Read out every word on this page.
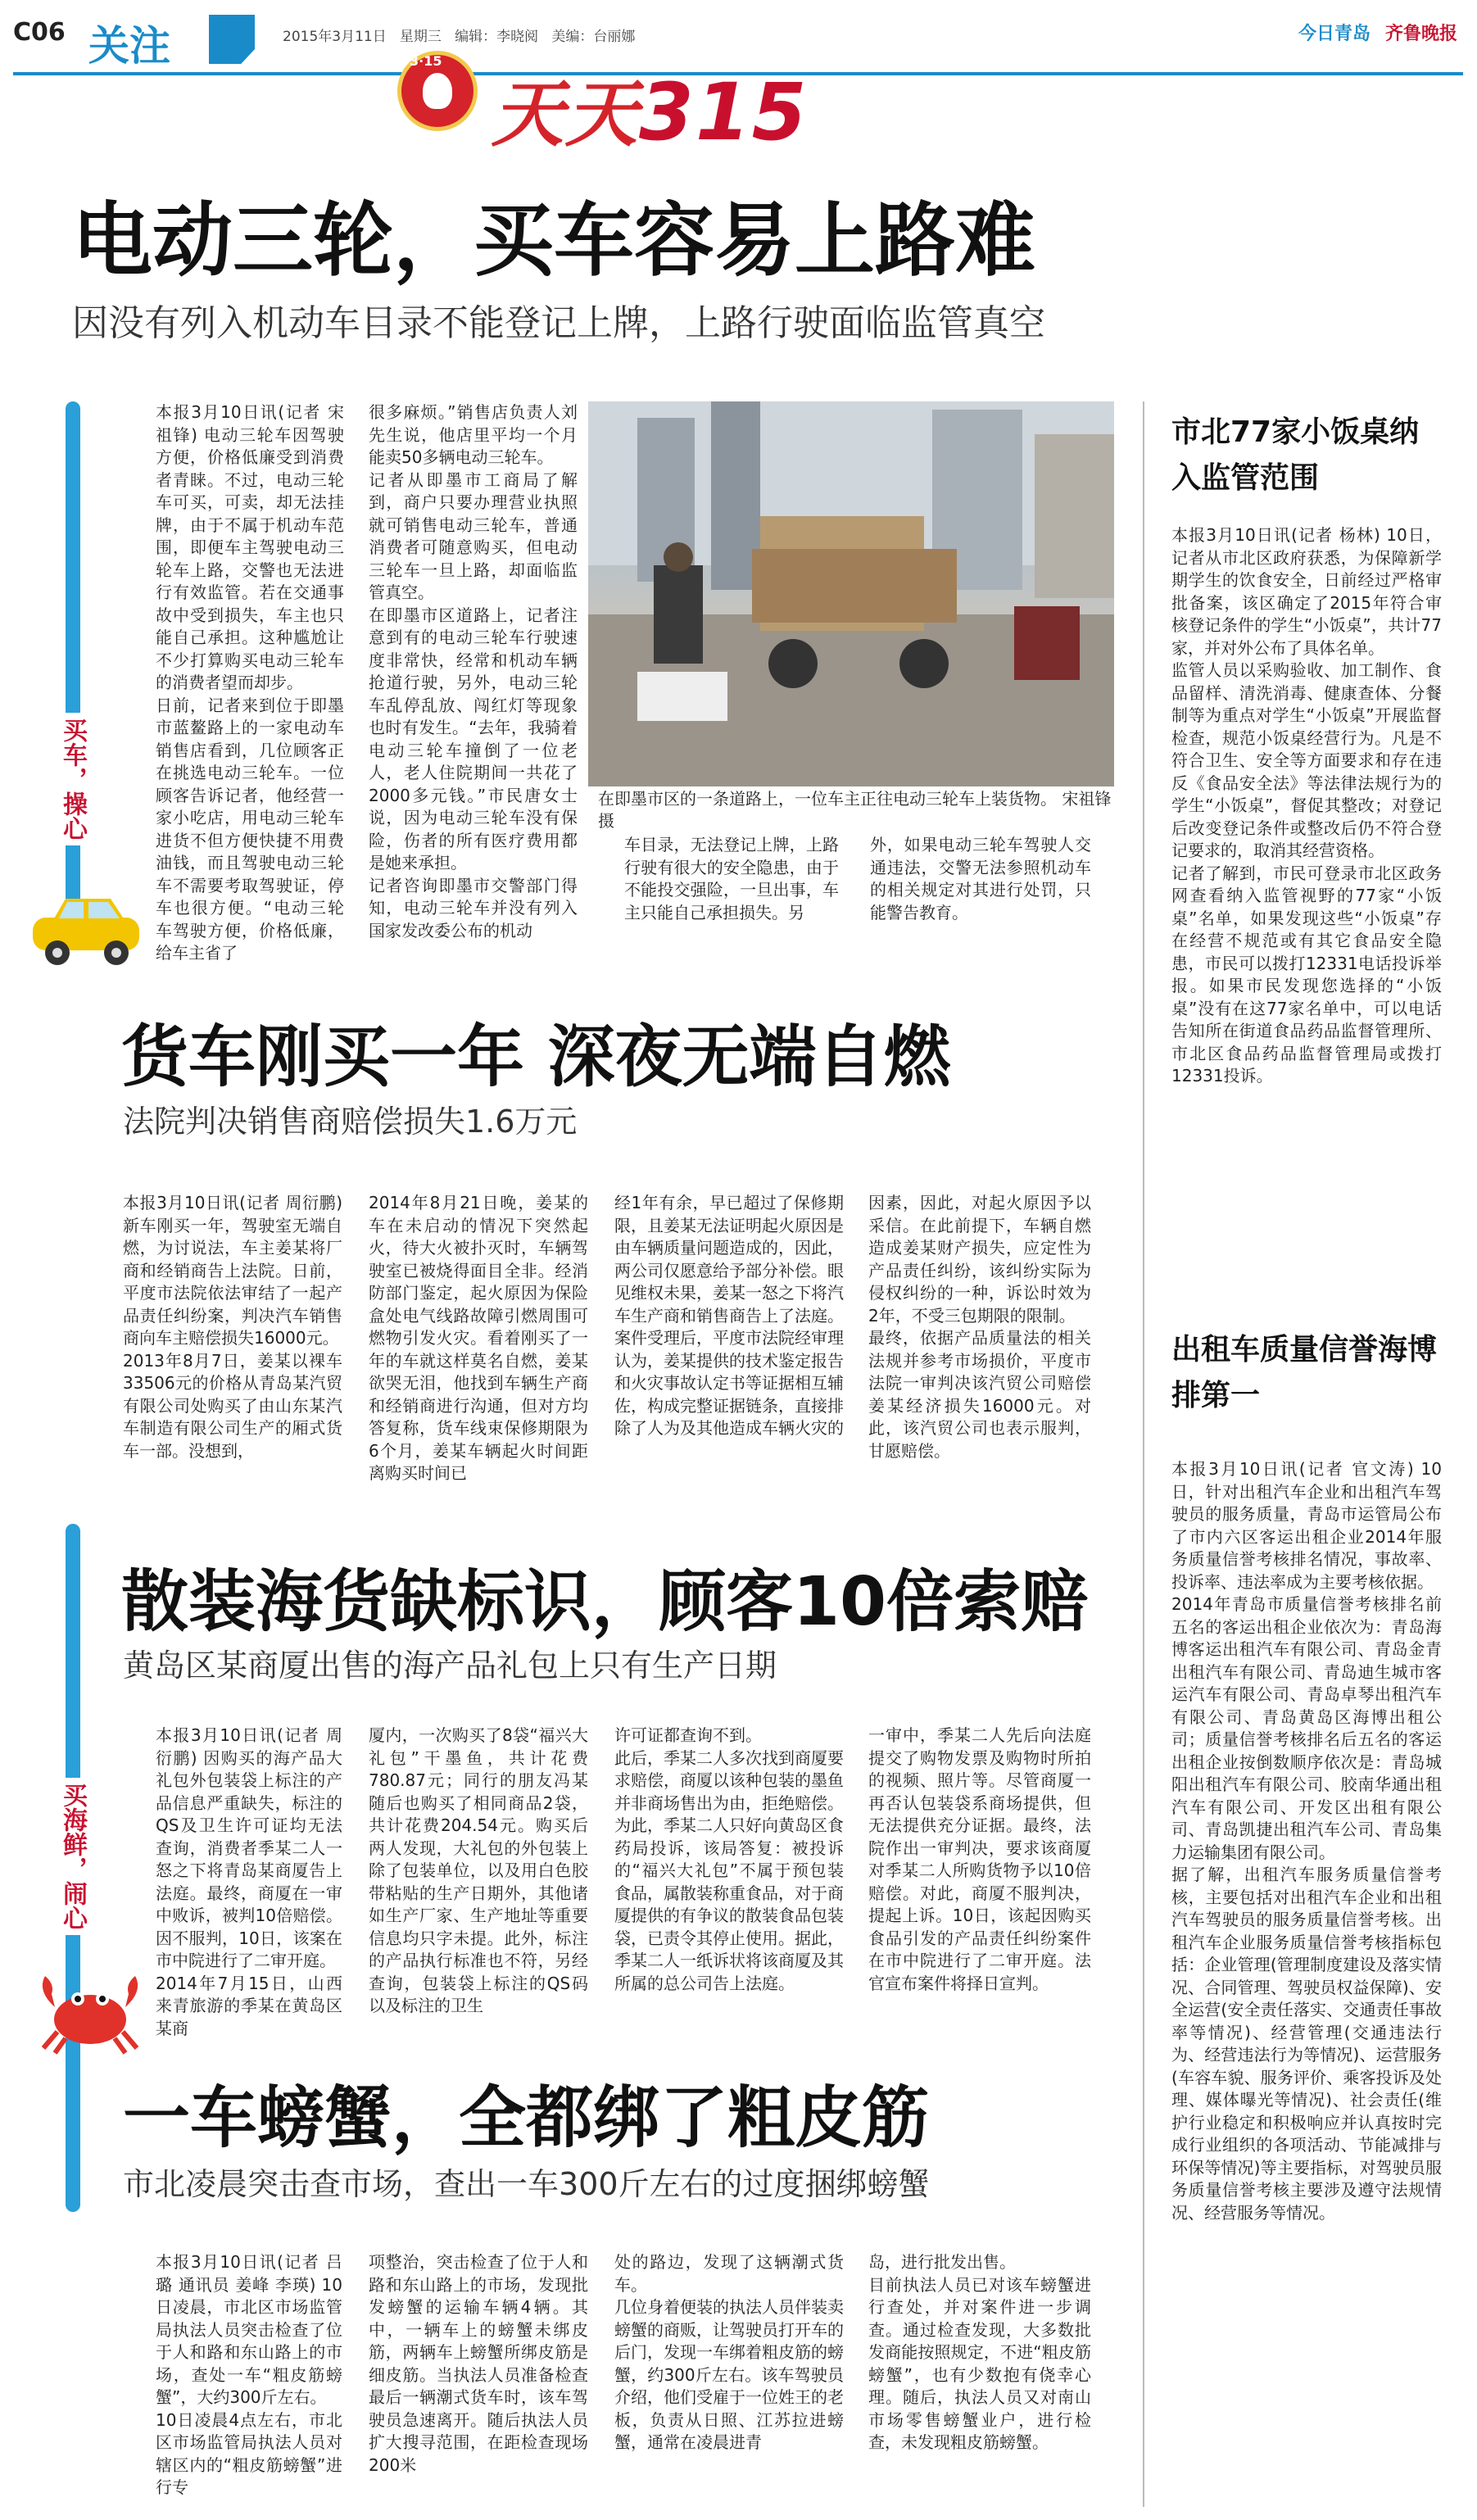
C06 关注	2015年3月11日   星期三   编辑：李晓阅   美编：台丽娜	今日青岛 齐鲁晚报
3·15
天天315
电动三轮，买车容易上路难
因没有列入机动车目录不能登记上牌，上路行驶面临监管真空
买车，操心
本报3月10日讯(记者 宋祖锋) 电动三轮车因驾驶方便，价格低廉受到消费者青睐。不过，电动三轮车可买，可卖，却无法挂牌，由于不属于机动车范围，即便车主驾驶电动三轮车上路，交警也无法进行有效监管。若在交通事故中受到损失，车主也只能自己承担。这种尴尬让不少打算购买电动三轮车的消费者望而却步。
日前，记者来到位于即墨市蓝鳌路上的一家电动车销售店看到，几位顾客正在挑选电动三轮车。一位顾客告诉记者，他经营一家小吃店，用电动三轮车进货不但方便快捷不用费油钱，而且驾驶电动三轮车不需要考取驾驶证，停车也很方便。“电动三轮车驾驶方便，价格低廉，给车主省了
很多麻烦。”销售店负责人刘先生说，他店里平均一个月能卖50多辆电动三轮车。
记者从即墨市工商局了解到，商户只要办理营业执照就可销售电动三轮车，普通消费者可随意购买，但电动三轮车一旦上路，却面临监管真空。
在即墨市区道路上，记者注意到有的电动三轮车行驶速度非常快，经常和机动车辆抢道行驶，另外，电动三轮车乱停乱放、闯红灯等现象也时有发生。“去年，我骑着电动三轮车撞倒了一位老人，老人住院期间一共花了2000多元钱。”市民唐女士说，因为电动三轮车没有保险，伤者的所有医疗费用都是她来承担。
记者咨询即墨市交警部门得知，电动三轮车并没有列入国家发改委公布的机动
在即墨市区的一条道路上，一位车主正往电动三轮车上装货物。 宋祖锋 摄
车目录，无法登记上牌，上路行驶有很大的安全隐患，由于不能投交强险，一旦出事，车主只能自己承担损失。另
外，如果电动三轮车驾驶人交通违法，交警无法参照机动车的相关规定对其进行处罚，只能警告教育。
货车刚买一年 深夜无端自燃
法院判决销售商赔偿损失1.6万元
本报3月10日讯(记者 周衍鹏) 新车刚买一年，驾驶室无端自燃，为讨说法，车主姜某将厂商和经销商告上法院。日前，平度市法院依法审结了一起产品责任纠纷案，判决汽车销售商向车主赔偿损失16000元。
2013年8月7日，姜某以裸车33506元的价格从青岛某汽贸有限公司处购买了由山东某汽车制造有限公司生产的厢式货车一部。没想到，
2014年8月21日晚，姜某的车在未启动的情况下突然起火，待大火被扑灭时，车辆驾驶室已被烧得面目全非。经消防部门鉴定，起火原因为保险盒处电气线路故障引燃周围可燃物引发火灾。看着刚买了一年的车就这样莫名自燃，姜某欲哭无泪，他找到车辆生产商和经销商进行沟通，但对方均答复称，货车线束保修期限为6个月，姜某车辆起火时间距离购买时间已
经1年有余，早已超过了保修期限，且姜某无法证明起火原因是由车辆质量问题造成的，因此，两公司仅愿意给予部分补偿。眼见维权未果，姜某一怒之下将汽车生产商和销售商告上了法庭。
案件受理后，平度市法院经审理认为，姜某提供的技术鉴定报告和火灾事故认定书等证据相互辅佐，构成完整证据链条，直接排除了人为及其他造成车辆火灾的
因素，因此，对起火原因予以采信。在此前提下，车辆自燃造成姜某财产损失，应定性为产品责任纠纷，该纠纷实际为侵权纠纷的一种，诉讼时效为2年，不受三包期限的限制。
最终，依据产品质量法的相关法规并参考市场损价，平度市法院一审判决该汽贸公司赔偿姜某经济损失16000元。对此，该汽贸公司也表示服判，甘愿赔偿。
散装海货缺标识，顾客10倍索赔
黄岛区某商厦出售的海产品礼包上只有生产日期
买海鲜，闹心
本报3月10日讯(记者 周衍鹏) 因购买的海产品大礼包外包装袋上标注的产品信息严重缺失，标注的QS及卫生许可证均无法查询，消费者季某二人一怒之下将青岛某商厦告上法庭。最终，商厦在一审中败诉，被判10倍赔偿。因不服判，10日，该案在市中院进行了二审开庭。
2014年7月15日，山西来青旅游的季某在黄岛区某商
厦内，一次购买了8袋“福兴大礼包”干墨鱼，共计花费780.87元；同行的朋友冯某随后也购买了相同商品2袋，共计花费204.54元。购买后两人发现，大礼包的外包装上除了包装单位，以及用白色胶带粘贴的生产日期外，其他诸如生产厂家、生产地址等重要信息均只字未提。此外，标注的产品执行标准也不符，另经查询，包装袋上标注的QS码以及标注的卫生
许可证都查询不到。
此后，季某二人多次找到商厦要求赔偿，商厦以该种包装的墨鱼并非商场售出为由，拒绝赔偿。为此，季某二人只好向黄岛区食药局投诉，该局答复：被投诉的“福兴大礼包”不属于预包装食品，属散装称重食品，对于商厦提供的有争议的散装食品包装袋，已责令其停止使用。据此，季某二人一纸诉状将该商厦及其所属的总公司告上法庭。
一审中，季某二人先后向法庭提交了购物发票及购物时所拍的视频、照片等。尽管商厦一再否认包装袋系商场提供，但无法提供充分证据。最终，法院作出一审判决，要求该商厦对季某二人所购货物予以10倍赔偿。对此，商厦不服判决，提起上诉。10日，该起因购买食品引发的产品责任纠纷案件在市中院进行了二审开庭。法官宣布案件将择日宣判。
一车螃蟹，全都绑了粗皮筋
市北凌晨突击查市场，查出一车300斤左右的过度捆绑螃蟹
本报3月10日讯(记者 吕璐 通讯员 姜峰 李瑛) 10日凌晨，市北区市场监管局执法人员突击检查了位于人和路和东山路上的市场，查处一车“粗皮筋螃蟹”，大约300斤左右。
10日凌晨4点左右，市北区市场监管局执法人员对辖区内的“粗皮筋螃蟹”进行专
项整治，突击检查了位于人和路和东山路上的市场，发现批发螃蟹的运输车辆4辆。其中，一辆车上的螃蟹未绑皮筋，两辆车上螃蟹所绑皮筋是细皮筋。当执法人员准备检查最后一辆潮式货车时，该车驾驶员急速离开。随后执法人员扩大搜寻范围，在距检查现场200米
处的路边，发现了这辆潮式货车。
几位身着便装的执法人员伴装卖螃蟹的商贩，让驾驶员打开车的后门，发现一车绑着粗皮筋的螃蟹，约300斤左右。该车驾驶员介绍，他们受雇于一位姓王的老板，负责从日照、江苏拉进螃蟹，通常在凌晨进青
岛，进行批发出售。
目前执法人员已对该车螃蟹进行查处，并对案件进一步调查。通过检查发现，大多数批发商能按照规定，不进“粗皮筋螃蟹”，也有少数抱有侥幸心理。随后，执法人员又对南山市场零售螃蟹业户，进行检查，未发现粗皮筋螃蟹。
市北77家小饭桌纳入监管范围
本报3月10日讯(记者 杨林) 10日，记者从市北区政府获悉，为保障新学期学生的饮食安全，日前经过严格审批备案，该区确定了2015年符合审核登记条件的学生“小饭桌”，共计77家，并对外公布了具体名单。
监管人员以采购验收、加工制作、食品留样、清洗消毒、健康查体、分餐制等为重点对学生“小饭桌”开展监督检查，规范小饭桌经营行为。凡是不符合卫生、安全等方面要求和存在违反《食品安全法》等法律法规行为的学生“小饭桌”，督促其整改；对登记后改变登记条件或整改后仍不符合登记要求的，取消其经营资格。
记者了解到，市民可登录市北区政务网查看纳入监管视野的77家“小饭桌”名单，如果发现这些“小饭桌”存在经营不规范或有其它食品安全隐患，市民可以拨打12331电话投诉举报。如果市民发现您选择的“小饭桌”没有在这77家名单中，可以电话告知所在街道食品药品监督管理所、市北区食品药品监督管理局或拨打12331投诉。
出租车质量信誉海博排第一
本报3月10日讯(记者 官文涛) 10日，针对出租汽车企业和出租汽车驾驶员的服务质量，青岛市运管局公布了市内六区客运出租企业2014年服务质量信誉考核排名情况，事故率、投诉率、违法率成为主要考核依据。
2014年青岛市质量信誉考核排名前五名的客运出租企业依次为：青岛海博客运出租汽车有限公司、青岛金青出租汽车有限公司、青岛迪生城市客运汽车有限公司、青岛卓琴出租汽车有限公司、青岛黄岛区海博出租公司；质量信誉考核排名后五名的客运出租企业按倒数顺序依次是：青岛城阳出租汽车有限公司、胶南华通出租汽车有限公司、开发区出租有限公司、青岛凯捷出租汽车公司、青岛集力运输集团有限公司。
据了解，出租汽车服务质量信誉考核，主要包括对出租汽车企业和出租汽车驾驶员的服务质量信誉考核。出租汽车企业服务质量信誉考核指标包括：企业管理(管理制度建设及落实情况、合同管理、驾驶员权益保障)、安全运营(安全责任落实、交通责任事故率等情况)、经营管理(交通违法行为、经营违法行为等情况)、运营服务(车容车貌、服务评价、乘客投诉及处理、媒体曝光等情况)、社会责任(维护行业稳定和积极响应并认真按时完成行业组织的各项活动、节能减排与环保等情况)等主要指标，对驾驶员服务质量信誉考核主要涉及遵守法规情况、经营服务等情况。
